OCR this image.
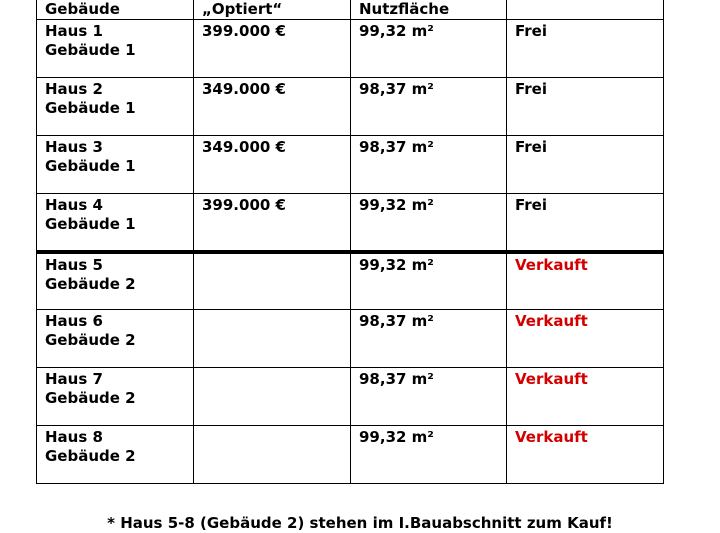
Gebäude	„Optiert“	Nutzfläche	

Haus 1
Gebäude 1	399.000 €	99,32 m²	Frei

Haus 2
Gebäude 1	349.000 €	98,37 m²	Frei

Haus 3
Gebäude 1	349.000 €	98,37 m²	Frei

Haus 4
Gebäude 1	399.000 €	99,32 m²	Frei

Haus 5
Gebäude 2		99,32 m²	Verkauft

Haus 6
Gebäude 2		98,37 m²	Verkauft

Haus 7
Gebäude 2		98,37 m²	Verkauft

Haus 8
Gebäude 2		99,32 m²	Verkauft
* Haus 5-8 (Gebäude 2) stehen im I.Bauabschnitt zum Kauf!
